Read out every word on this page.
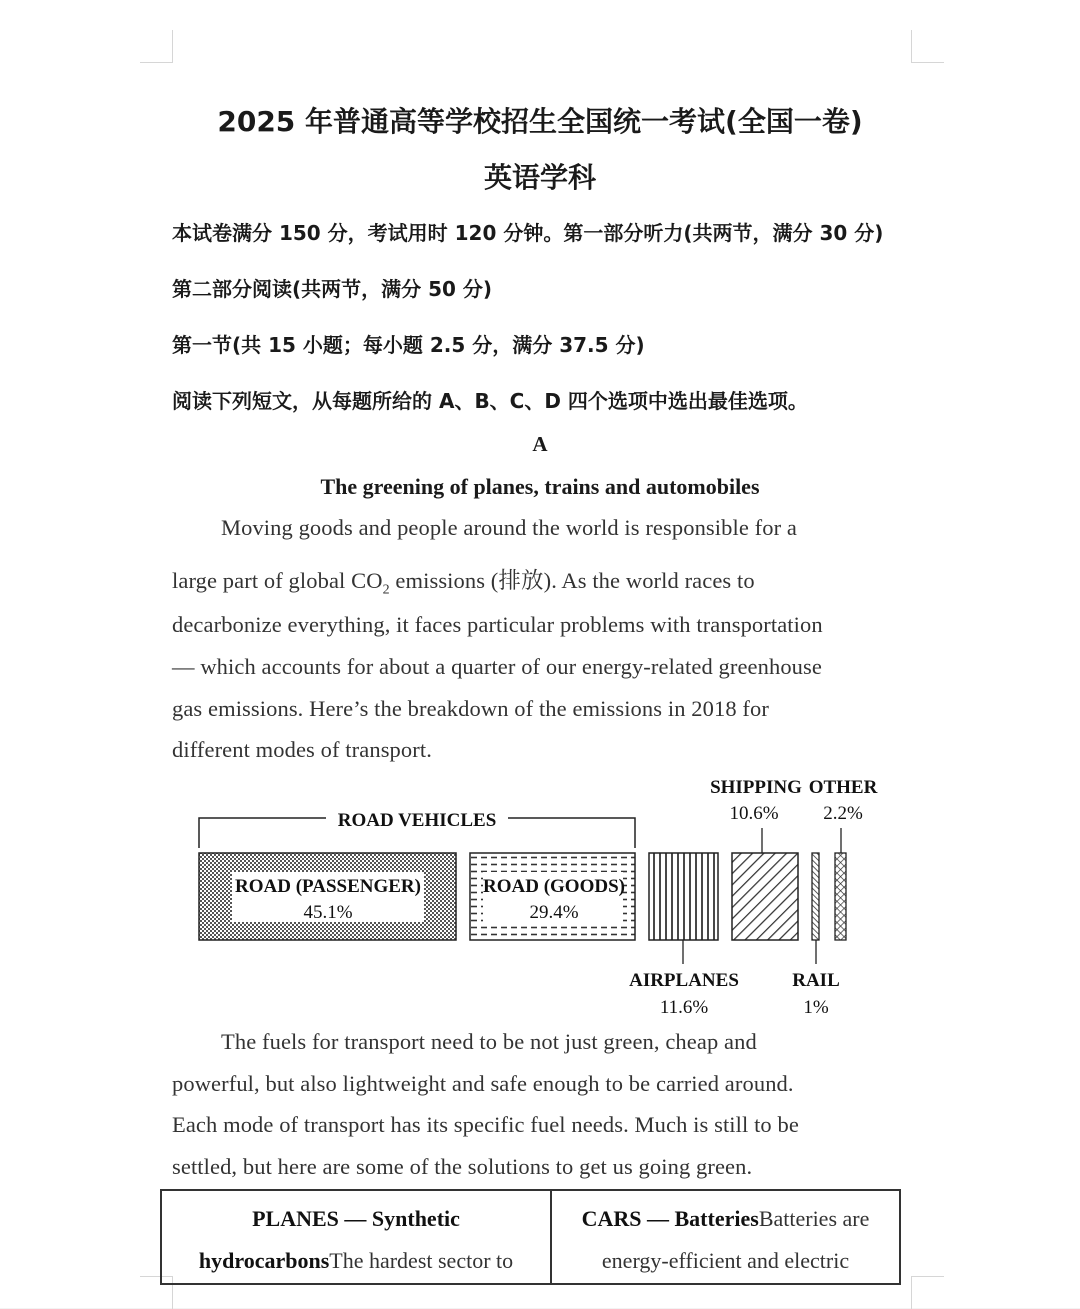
2025 年普通高等学校招生全国统一考试(全国一卷)
英语学科
本试卷满分 150 分，考试用时 120 分钟。第一部分听力(共两节，满分 30 分)
第二部分阅读(共两节，满分 50 分)
第一节(共 15 小题；每小题 2.5 分，满分 37.5 分)
阅读下列短文，从每题所给的 A、B、C、D 四个选项中选出最佳选项。
A
The greening of planes, trains and automobiles
Moving goods and people around the world is responsible for a
large part of global $CO_2$ emissions (排放). As the world races to
decarbonize everything, it faces particular problems with transportation
— which accounts for about a quarter of our energy-related greenhouse
gas emissions. Here’s the breakdown of the emissions in 2018 for
different modes of transport.
ROAD VEHICLES
ROAD (PASSENGER)
45.1%
ROAD (GOODS)
29.4%
AIRPLANES
11.6%
SHIPPING
10.6%
RAIL
1%
OTHER
2.2%
The fuels for transport need to be not just green, cheap and
powerful, but also lightweight and safe enough to be carried around.
Each mode of transport has its specific fuel needs. Much is still to be
settled, but here are some of the solutions to get us going green.
PLANES — Synthetic
hydrocarbonsThe hardest sector to
CARS — BatteriesBatteries are
energy-efficient and electric
